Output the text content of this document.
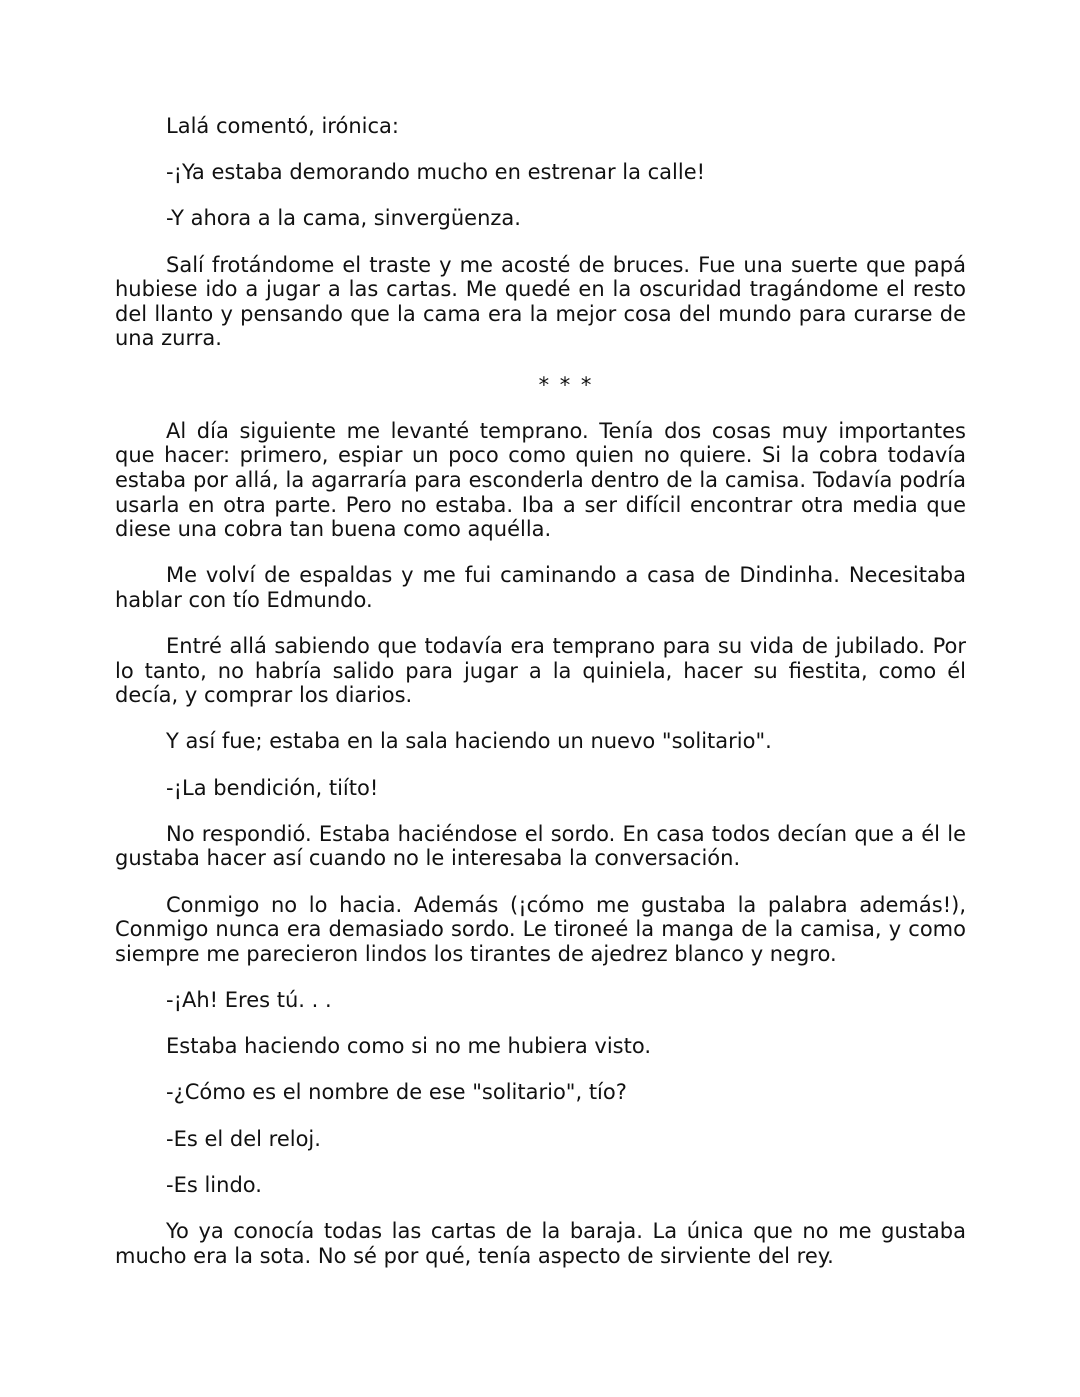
Lalá comentó, irónica:

-¡Ya estaba demorando mucho en estrenar la calle!

-Y ahora a la cama, sinvergüenza.

Salí frotándome el traste y me acosté de bruces. Fue una suerte que papá hubiese ido a jugar a las cartas. Me quedé en la oscuridad tragándome el resto del llanto y pensando que la cama era la mejor cosa del mundo para curarse de una zurra.

* * *

Al día siguiente me levanté temprano. Tenía dos cosas muy importantes que hacer: primero, espiar un poco como quien no quiere. Si la cobra todavía estaba por allá, la agarraría para esconderla dentro de la camisa. Todavía podría usarla en otra parte. Pero no estaba. Iba a ser difícil encontrar otra media que diese una cobra tan buena como aquélla.

Me volví de espaldas y me fui caminando a casa de Dindinha. Necesitaba hablar con tío Edmundo.

Entré allá sabiendo que todavía era temprano para su vida de jubilado. Por lo tanto, no habría salido para jugar a la quiniela, hacer su fiestita, como él decía, y comprar los diarios.

Y así fue; estaba en la sala haciendo un nuevo "solitario".

-¡La bendición, tiíto!

No respondió. Estaba haciéndose el sordo. En casa todos decían que a él le gustaba hacer así cuando no le interesaba la conversación.

Conmigo no lo hacia. Además (¡cómo me gustaba la palabra además!), Conmigo nunca era demasiado sordo. Le tironeé la manga de la camisa, y como siempre me parecieron lindos los tirantes de ajedrez blanco y negro.

-¡Ah! Eres tú. . .

Estaba haciendo como si no me hubiera visto.

-¿Cómo es el nombre de ese "solitario", tío?

-Es el del reloj.

-Es lindo.

Yo ya conocía todas las cartas de la baraja. La única que no me gustaba mucho era la sota. No sé por qué, tenía aspecto de sirviente del rey.
